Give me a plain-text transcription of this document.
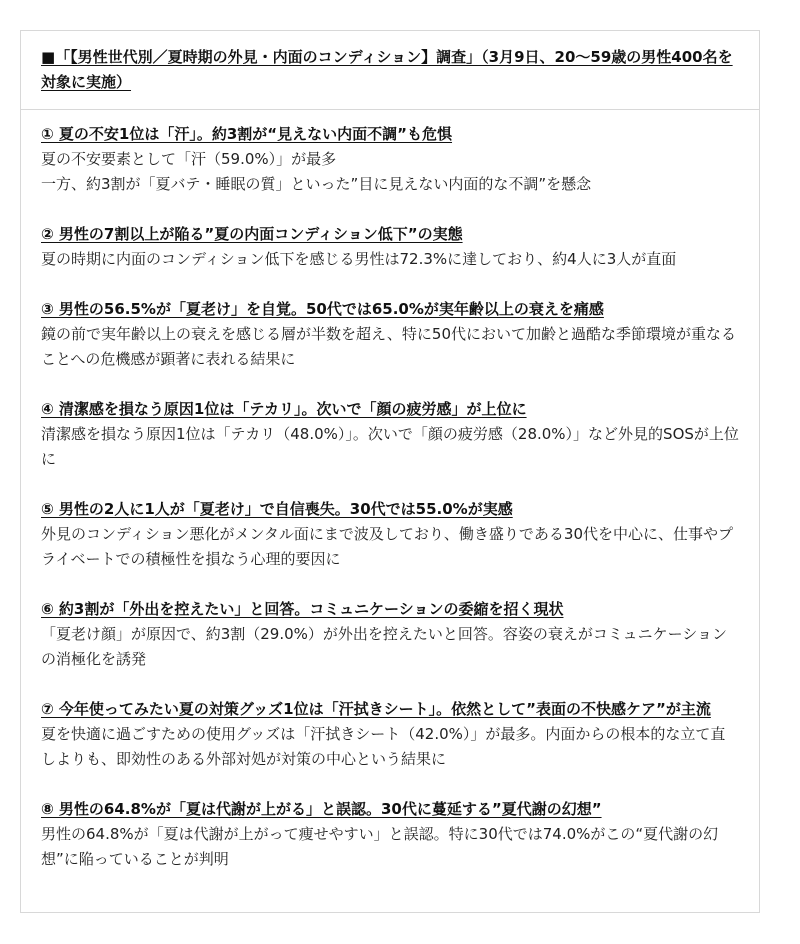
■「【男性世代別／夏時期の外見・内面のコンディション】調査」（3月9日、20〜59歳の男性400名を対象に実施）
① 夏の不安1位は「汗」。約3割が“見えない内面不調”も危惧

夏の不安要素として「汗（59.0%）」が最多

一方、約3割が「夏バテ・睡眠の質」といった”目に見えない内面的な不調”を懸念

② 男性の7割以上が陥る”夏の内面コンディション低下”の実態

夏の時期に内面のコンディション低下を感じる男性は72.3%に達しており、約4人に3人が直面

③ 男性の56.5%が「夏老け」を自覚。50代では65.0%が実年齢以上の衰えを痛感

鏡の前で実年齢以上の衰えを感じる層が半数を超え、特に50代において加齢と過酷な季節環境が重なることへの危機感が顕著に表れる結果に

④ 清潔感を損なう原因1位は「テカリ」。次いで「顔の疲労感」が上位に

清潔感を損なう原因1位は「テカリ（48.0%）」。次いで「顔の疲労感（28.0%）」など外見的SOSが上位に

⑤ 男性の2人に1人が「夏老け」で自信喪失。30代では55.0%が実感

外見のコンディション悪化がメンタル面にまで波及しており、働き盛りである30代を中心に、仕事やプライベートでの積極性を損なう心理的要因に

⑥ 約3割が「外出を控えたい」と回答。コミュニケーションの委縮を招く現状

「夏老け顔」が原因で、約3割（29.0%）が外出を控えたいと回答。容姿の衰えがコミュニケーションの消極化を誘発

⑦ 今年使ってみたい夏の対策グッズ1位は「汗拭きシート」。依然として”表面の不快感ケア”が主流

夏を快適に過ごすための使用グッズは「汗拭きシート（42.0%）」が最多。内面からの根本的な立て直しよりも、即効性のある外部対処が対策の中心という結果に

⑧ 男性の64.8%が「夏は代謝が上がる」と誤認。30代に蔓延する”夏代謝の幻想”

男性の64.8%が「夏は代謝が上がって痩せやすい」と誤認。特に30代では74.0%がこの“夏代謝の幻想”に陥っていることが判明
